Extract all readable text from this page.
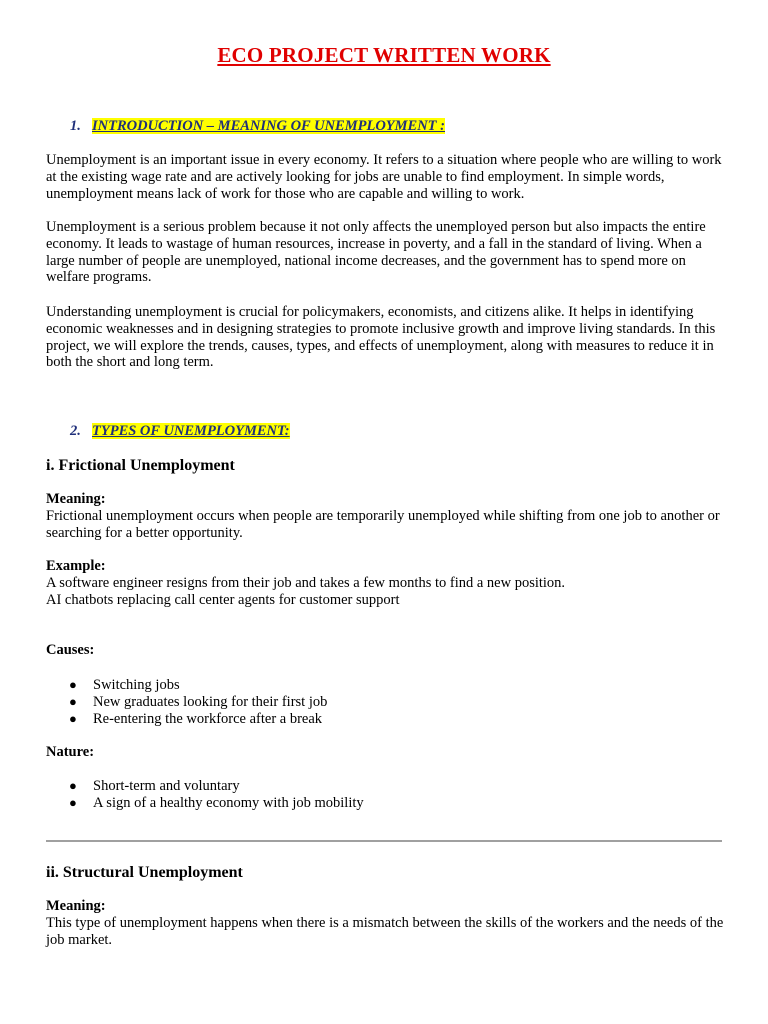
ECO PROJECT WRITTEN WORK
1. INTRODUCTION – MEANING OF UNEMPLOYMENT :
Unemployment is an important issue in every economy. It refers to a situation where people who are willing to work at the existing wage rate and are actively looking for jobs are unable to find employment. In simple words, unemployment means lack of work for those who are capable and willing to work.
Unemployment is a serious problem because it not only affects the unemployed person but also impacts the entire economy. It leads to wastage of human resources, increase in poverty, and a fall in the standard of living. When a large number of people are unemployed, national income decreases, and the government has to spend more on welfare programs.
Understanding unemployment is crucial for policymakers, economists, and citizens alike. It helps in identifying economic weaknesses and in designing strategies to promote inclusive growth and improve living standards. In this project, we will explore the trends, causes, types, and effects of unemployment, along with measures to reduce it in both the short and long term.
2. TYPES OF UNEMPLOYMENT:
i. Frictional Unemployment
Meaning:
Frictional unemployment occurs when people are temporarily unemployed while shifting from one job to another or searching for a better opportunity.
Example:
A software engineer resigns from their job and takes a few months to find a new position.
AI chatbots replacing call center agents for customer support
Causes:
● Switching jobs
● New graduates looking for their first job
● Re-entering the workforce after a break
Nature:
● Short-term and voluntary
● A sign of a healthy economy with job mobility
ii. Structural Unemployment
Meaning:
This type of unemployment happens when there is a mismatch between the skills of the workers and the needs of the job market.
